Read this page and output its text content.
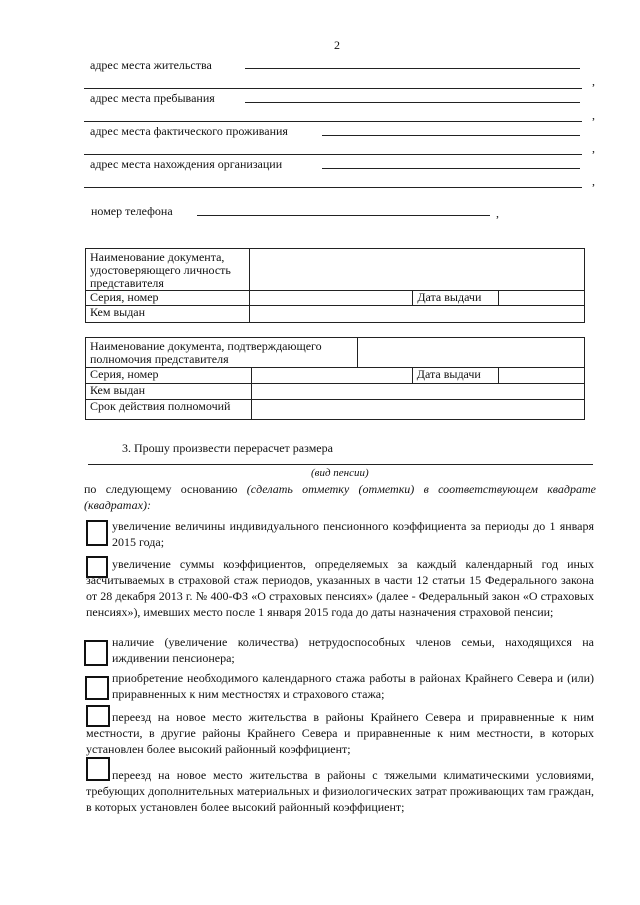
2
адрес места жительства
,
адрес места пребывания
,
адрес места фактического проживания
,
адрес места нахождения организации
,
номер телефона	,
Наименование документа, удостоверяющего личность представителя			
Серия, номер		Дата выдачи	
Кем выдан			
Наименование документа, подтверждающего полномочия представителя			
Серия, номер	Дата выдачи		

Кем выдан			
Срок действия полномочий			
3. Прошу произвести перерасчет размера
(вид пенсии)
по следующему основанию (сделать отметку (отметки) в соответствующем квадрате (квадратах):
увеличение величины индивидуального пенсионного коэффициента за периоды до 1 января 2015 года;
увеличение суммы коэффициентов, определяемых за каждый календарный год иных засчитываемых в страховой стаж периодов, указанных в части 12 статьи 15 Федерального закона от 28 декабря 2013 г. № 400-ФЗ «О страховых пенсиях» (далее - Федеральный закон «О страховых пенсиях»), имевших место после 1 января 2015 года до даты назначения страховой пенсии;
наличие (увеличение количества) нетрудоспособных членов семьи, находящихся на иждивении пенсионера;
приобретение необходимого календарного стажа работы в районах Крайнего Севера и (или) приравненных к ним местностях и страхового стажа;
переезд на новое место жительства в районы Крайнего Севера и приравненные к ним местности, в другие районы Крайнего Севера и приравненные к ним местности, в которых установлен более высокий районный коэффициент;
переезд на новое место жительства в районы с тяжелыми климатическими условиями, требующих дополнительных материальных и физиологических затрат проживающих там граждан, в которых установлен более высокий районный коэффициент;
